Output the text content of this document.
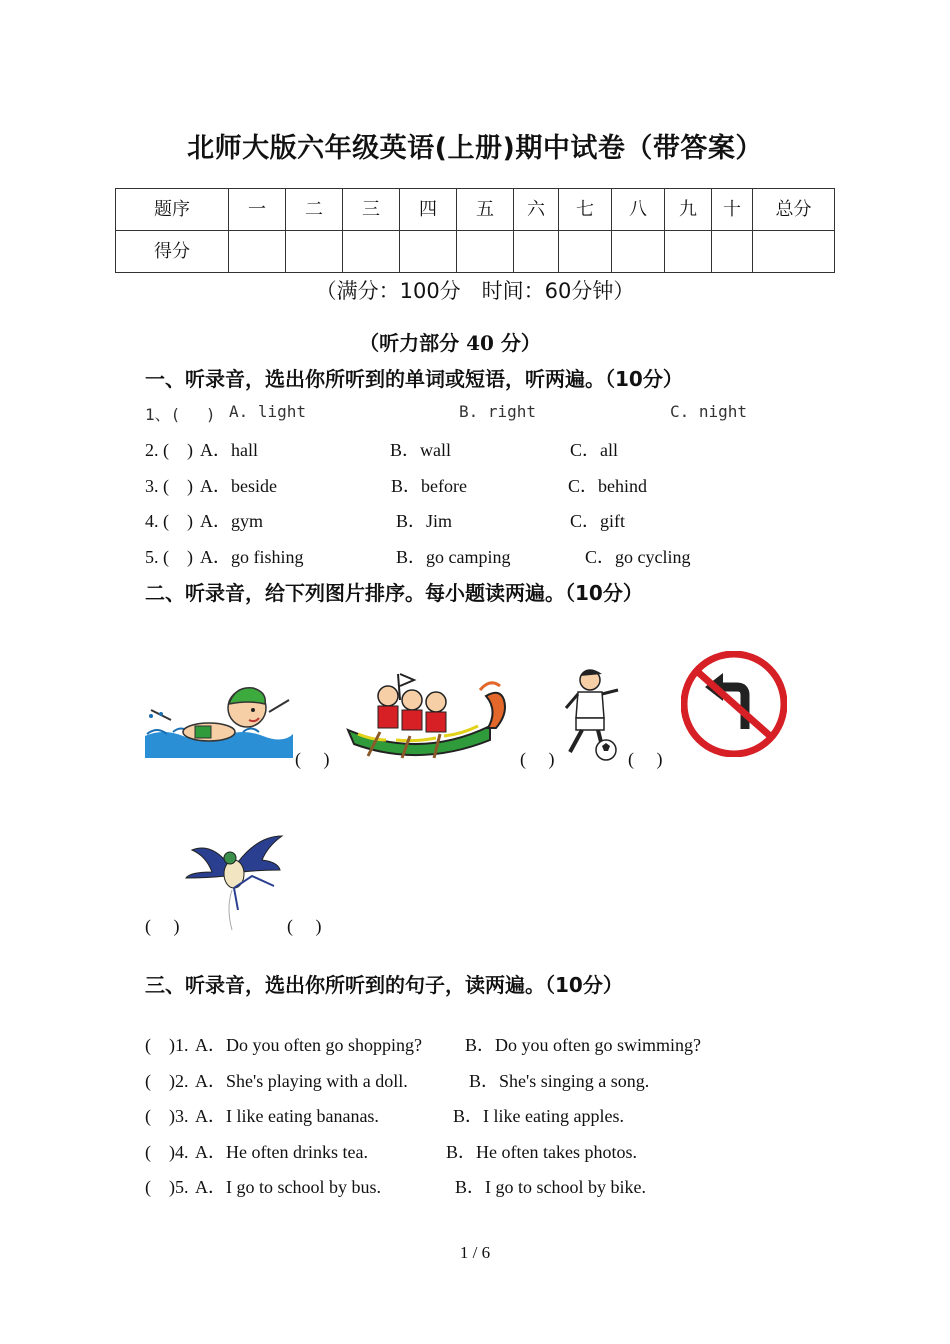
北师大版六年级英语(上册)期中试卷（带答案）
题序	一	二	三	四	五	六	七	八	九	十	总分
得分											
（满分：100分　时间：60分钟）
（听力部分 40 分）
一、听录音，选出你所听到的单词或短语，听两遍。（10分）
1、(　 ) A. light	B. right	C. night
2. (　) A．hall	B．wall	C．all
3. (　) A．beside	B．before	C．behind
4. (　) A．gym	B．Jim	C．gift
5. (　) A．go fishing	B．go camping	C．go cycling
二、听录音，给下列图片排序。每小题读两遍。（10分）
(　 )	(　 )	(　 )
(　 )	(　 )
三、听录音，选出你所听到的句子，读两遍。（10分）
(　)1. A．Do you often go shopping? B．Do you often go swimming?
(　)2. A．She's playing with a doll.	B．She's singing a song.
(　)3. A．I like eating bananas.	B．I like eating apples.
(　)4. A．He often drinks tea.	B．He often takes photos.
(　)5. A．I go to school by bus.	B．I go to school by bike.
1 / 6
